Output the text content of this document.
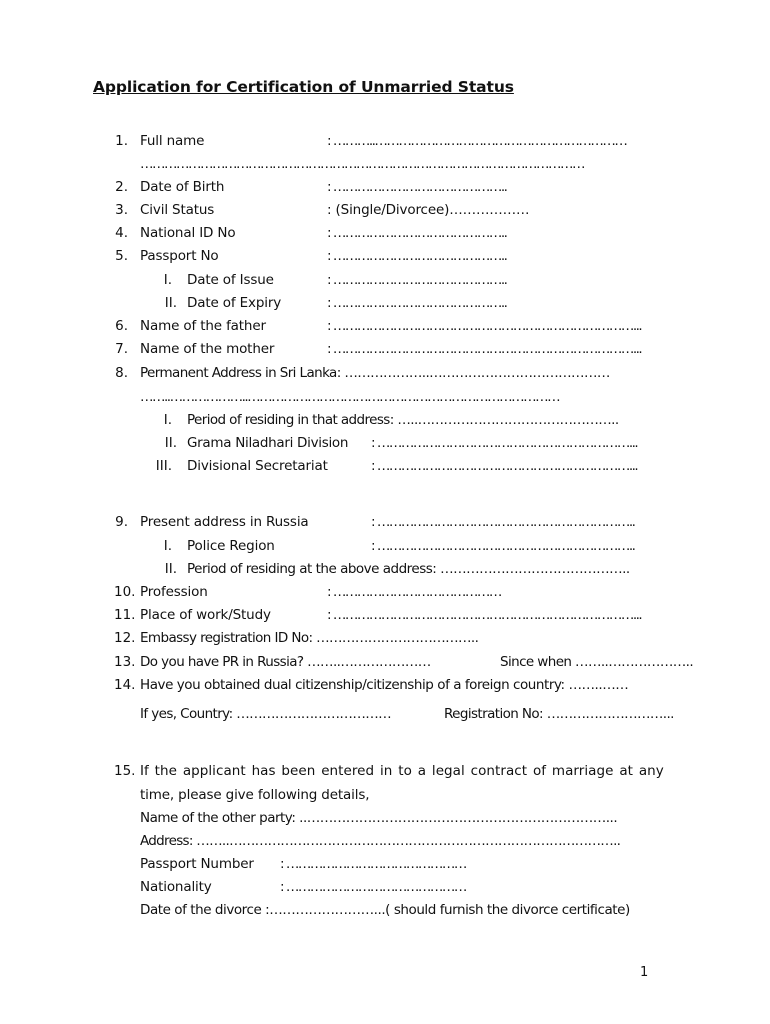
Application for Certification of Unmarried Status
1. Full name	: ………..………………………………………………………
…………………………………………………………………………………………………
2. Date of Birth	: ……………………………………..
3. Civil Status	: (Single/Divorcee)………………
4. National ID No	: ……………………………………..
5. Passport No	: ……………………………………..
I. Date of Issue	: ……………………………………..
II. Date of Expiry	: ……………………………………..
6. Name of the father	: …………………………………………………………………...
7. Name of the mother	: …………………………………………………………………...
8. Permanent Address in Sri Lanka: ………………..……………………………………
……..………………..……………………………………………………………………
I. Period of residing in that address: …..………………………………………..
II. Grama Niladhari Division : ………………………………………………………...
III. Divisional Secretariat	: ………………………………………………………...
9. Present address in Russia	: ………………………………………………………..
I. Police Region	: ………………………………………………………..
II. Period of residing at the above address: ……………………………………..
10. Profession	: ……………………………………
11. Place of work/Study	: …………………………………………………………………...
12. Embassy registration ID No: ………………………………..
13. Do you have PR in Russia? ……..…………………	Since when ……..………………..
14. Have you obtained dual citizenship/citizenship of a foreign country: ……..……
If yes, Country: ………………………………	Registration No: ………………………...
15. If the applicant has been entered in to a legal contract of marriage at any
time, please give following details,
Name of the other party: ..……………………………………………………………...
Address: ……..………………………………………………………………………………..
Passport Number : ………………………………………
Nationality	: ………………………………………
Date of the divorce :……………………...( should furnish the divorce certificate)
1
